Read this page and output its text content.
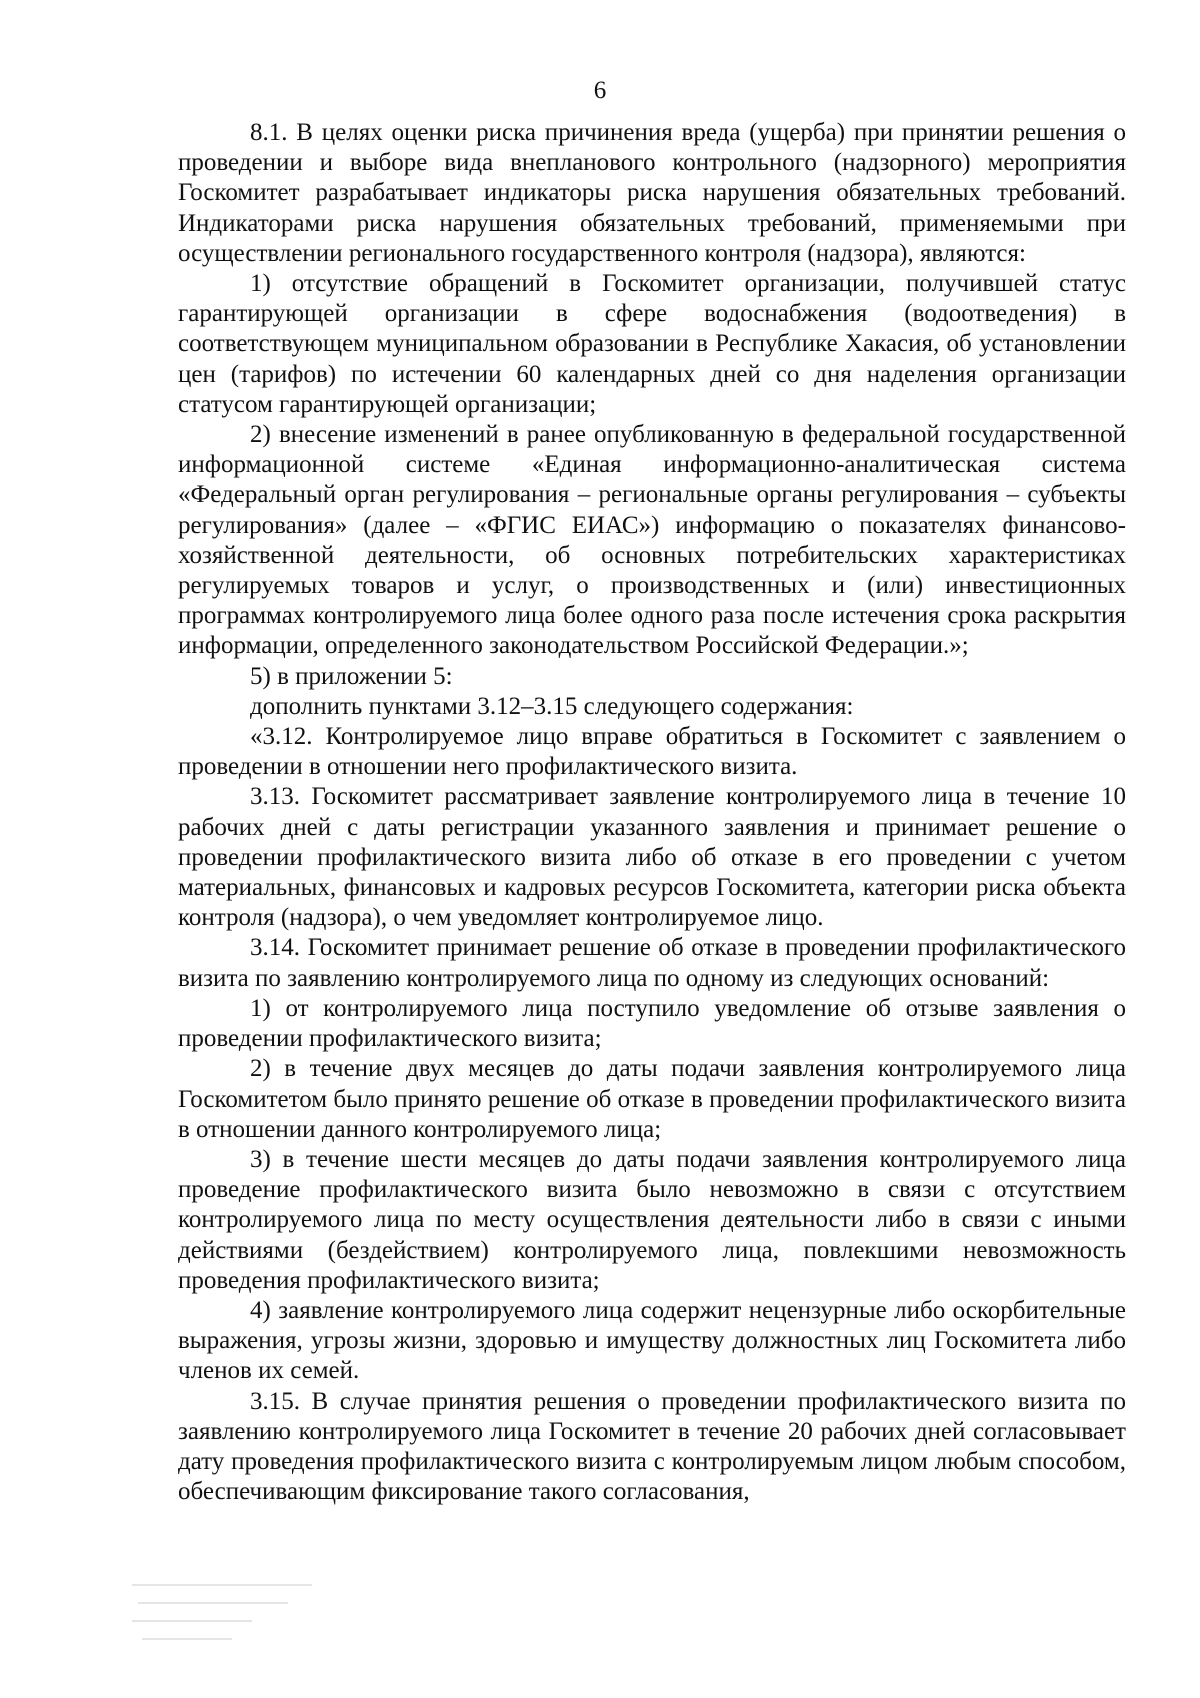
6

8.1. В целях оценки риска причинения вреда (ущерба) при принятии решения о проведении и выборе вида внепланового контрольного (надзорного) мероприятия Госкомитет разрабатывает индикаторы риска нарушения обязательных требований. Индикаторами риска нарушения обязательных требований, применяемыми при осуществлении регионального государственного контроля (надзора), являются:

1) отсутствие обращений в Госкомитет организации, получившей статус гарантирующей организации в сфере водоснабжения (водоотведения) в соответствующем муниципальном образовании в Республике Хакасия, об установлении цен (тарифов) по истечении 60 календарных дней со дня наделения организации статусом гарантирующей организации;

2) внесение изменений в ранее опубликованную в федеральной государственной информационной системе «Единая информационно-аналитическая система «Федеральный орган регулирования – региональные органы регулирования – субъекты регулирования» (далее – «ФГИС ЕИАС») информацию о показателях финансово-хозяйственной деятельности, об основных потребительских характеристиках регулируемых товаров и услуг, о производственных и (или) инвестиционных программах контролируемого лица более одного раза после истечения срока раскрытия информации, определенного законодательством Российской Федерации.»;

5) в приложении 5:

дополнить пунктами 3.12–3.15 следующего содержания:

«3.12. Контролируемое лицо вправе обратиться в Госкомитет с заявлением о проведении в отношении него профилактического визита.

3.13. Госкомитет рассматривает заявление контролируемого лица в течение 10 рабочих дней с даты регистрации указанного заявления и принимает решение о проведении профилактического визита либо об отказе в его проведении с учетом материальных, финансовых и кадровых ресурсов Госкомитета, категории риска объекта контроля (надзора), о чем уведомляет контролируемое лицо.

3.14. Госкомитет принимает решение об отказе в проведении профилактического визита по заявлению контролируемого лица по одному из следующих оснований:

1) от контролируемого лица поступило уведомление об отзыве заявления о проведении профилактического визита;

2) в течение двух месяцев до даты подачи заявления контролируемого лица Госкомитетом было принято решение об отказе в проведении профилактического визита в отношении данного контролируемого лица;

3) в течение шести месяцев до даты подачи заявления контролируемого лица проведение профилактического визита было невозможно в связи с отсутствием контролируемого лица по месту осуществления деятельности либо в связи с иными действиями (бездействием) контролируемого лица, повлекшими невозможность проведения профилактического визита;

4) заявление контролируемого лица содержит нецензурные либо оскорбительные выражения, угрозы жизни, здоровью и имуществу должностных лиц Госкомитета либо членов их семей.

3.15. В случае принятия решения о проведении профилактического визита по заявлению контролируемого лица Госкомитет в течение 20 рабочих дней согласовывает дату проведения профилактического визита с контролируемым лицом любым способом, обеспечивающим фиксирование такого согласования,
